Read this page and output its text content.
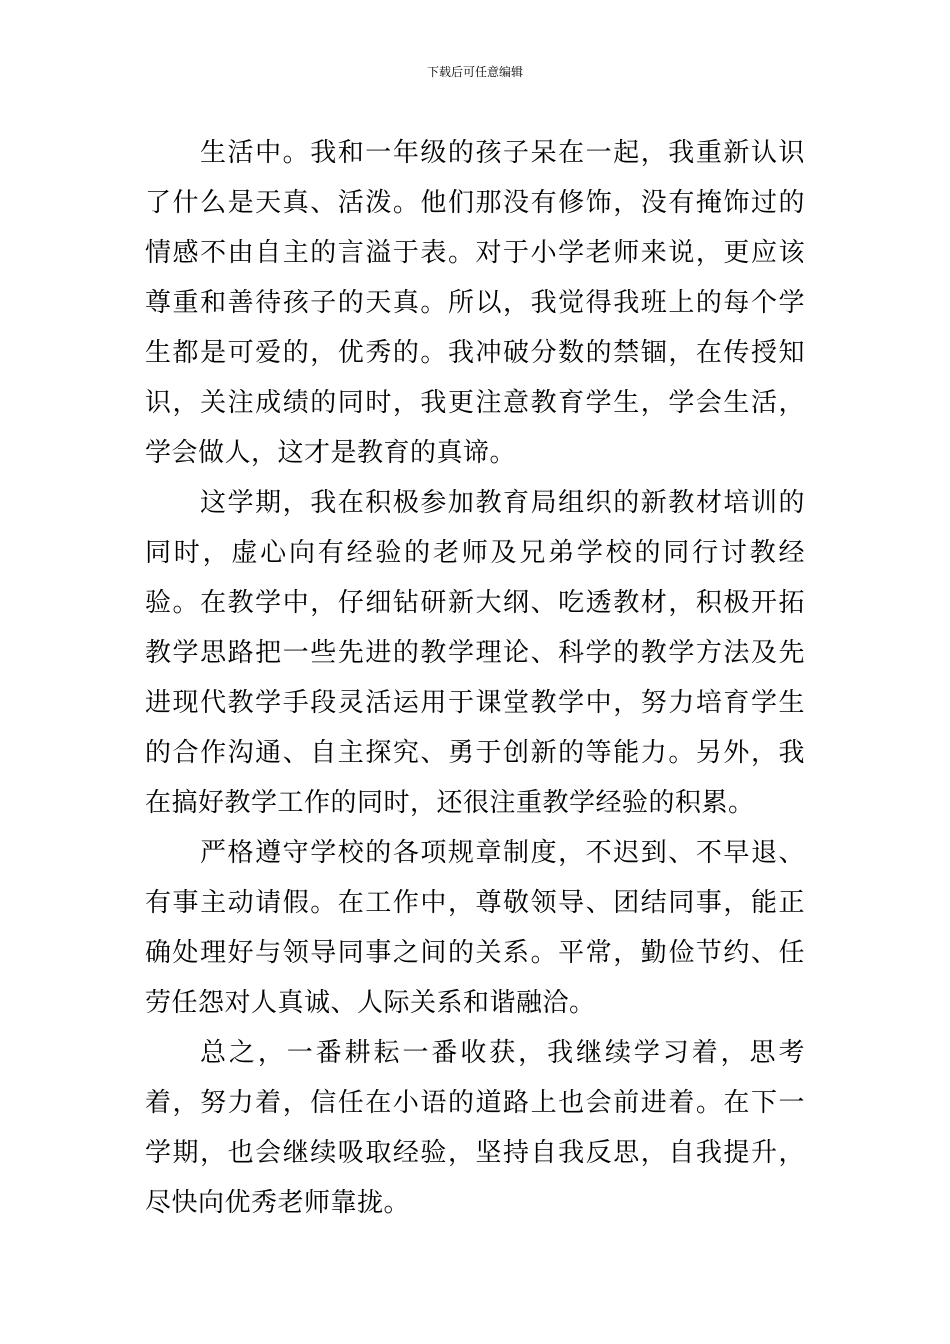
下载后可任意编辑

生活中。我和一年级的孩子呆在一起，我重新认识了什么是天真、活泼。他们那没有修饰，没有掩饰过的情感不由自主的言溢于表。对于小学老师来说，更应该尊重和善待孩子的天真。所以，我觉得我班上的每个学生都是可爱的，优秀的。我冲破分数的禁锢，在传授知识，关注成绩的同时，我更注意教育学生，学会生活，学会做人，这才是教育的真谛。

这学期，我在积极参加教育局组织的新教材培训的同时，虚心向有经验的老师及兄弟学校的同行讨教经验。在教学中，仔细钻研新大纲、吃透教材，积极开拓教学思路把一些先进的教学理论、科学的教学方法及先进现代教学手段灵活运用于课堂教学中，努力培育学生的合作沟通、自主探究、勇于创新的等能力。另外，我在搞好教学工作的同时，还很注重教学经验的积累。

严格遵守学校的各项规章制度，不迟到、不早退、有事主动请假。在工作中，尊敬领导、团结同事，能正确处理好与领导同事之间的关系。平常，勤俭节约、任劳任怨对人真诚、人际关系和谐融洽。

总之，一番耕耘一番收获，我继续学习着，思考着，努力着，信任在小语的道路上也会前进着。在下一学期，也会继续吸取经验，坚持自我反思，自我提升，尽快向优秀老师靠拢。
